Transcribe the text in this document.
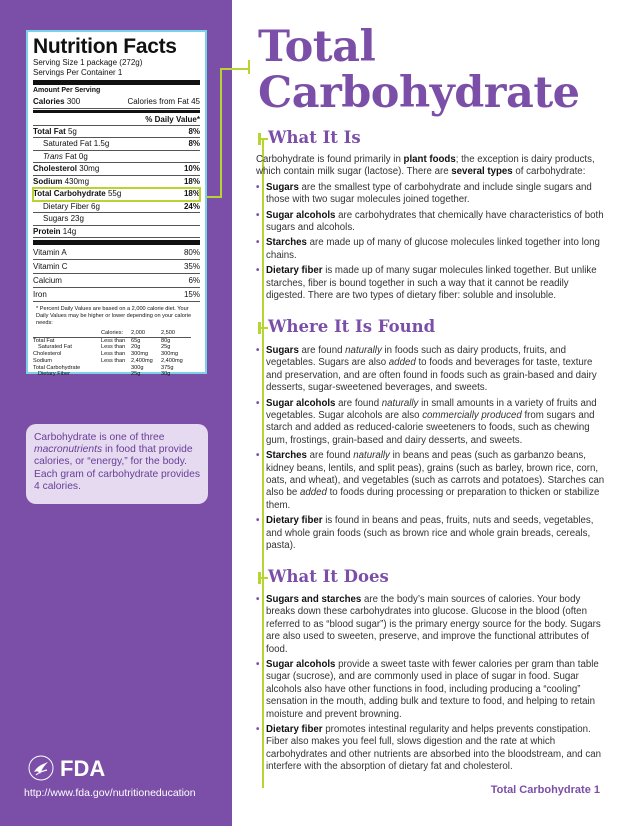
Nutrition Facts
Serving Size 1 package (272g)
Servings Per Container 1
Amount Per Serving
Calories 300	Calories from Fat 45
% Daily Value*
Total Fat 5g	8%
Saturated Fat 1.5g	8%
Trans Fat 0g
Cholesterol 30mg	10%
Sodium 430mg	18%
Total Carbohydrate 55g	18%
Dietary Fiber 6g	24%
Sugars 23g
Protein 14g
Vitamin A	80%
Vitamin C	35%
Calcium	6%
Iron	15%
* Percent Daily Values are based on a 2,000 calorie diet. Your Daily Values may be higher or lower depending on your calorie needs:
Calories:	2,000	2,500
Total Fat	Less than	65g	80g
Saturated Fat	Less than	20g	25g
Cholesterol	Less than	300mg	300mg
Sodium	Less than	2,400mg	2,400mg
Total Carbohydrate	300g	375g
Dietary Fiber	25g	30g
Carbohydrate is one of three macronutrients in food that provide calories, or “energy,” for the body. Each gram of carbohydrate provides 4 calories.
FDA
http://www.fda.gov/nutritioneducation
Total
Carbohydrate
What It Is

Carbohydrate is found primarily in plant foods; the exception is dairy products, which contain milk sugar (lactose). There are several types of carbohydrate:

• Sugars are the smallest type of carbohydrate and include single sugars and those with two sugar molecules joined together.
• Sugar alcohols are carbohydrates that chemically have characteristics of both sugars and alcohols.
• Starches are made up of many of glucose molecules linked together into long chains.
• Dietary fiber is made up of many sugar molecules linked together. But unlike starches, fiber is bound together in such a way that it cannot be readily digested. There are two types of dietary fiber: soluble and insoluble.
Where It Is Found
• Sugars are found naturally in foods such as dairy products, fruits, and vegetables. Sugars are also added to foods and beverages for taste, texture and preservation, and are often found in foods such as grain-based and dairy desserts, sugar-sweetened beverages, and sweets.
• Sugar alcohols are found naturally in small amounts in a variety of fruits and vegetables. Sugar alcohols are also commercially produced from sugars and starch and added as reduced-calorie sweeteners to foods, such as chewing gum, frostings, grain-based and dairy desserts, and sweets.
• Starches are found naturally in beans and peas (such as garbanzo beans, kidney beans, lentils, and split peas), grains (such as barley, brown rice, corn, oats, and wheat), and vegetables (such as carrots and potatoes). Starches can also be added to foods during processing or preparation to thicken or stabilize them.
• Dietary fiber is found in beans and peas, fruits, nuts and seeds, vegetables, and whole grain foods (such as brown rice and whole grain breads, cereals, pasta).
What It Does
• Sugars and starches are the body’s main sources of calories. Your body breaks down these carbohydrates into glucose. Glucose in the blood (often referred to as “blood sugar”) is the primary energy source for the body. Sugars are also used to sweeten, preserve, and improve the functional attributes of food.
• Sugar alcohols provide a sweet taste with fewer calories per gram than table sugar (sucrose), and are commonly used in place of sugar in food. Sugar alcohols also have other functions in food, including producing a “cooling” sensation in the mouth, adding bulk and texture to food, and helping to retain moisture and prevent browning.
• Dietary fiber promotes intestinal regularity and helps prevents constipation. Fiber also makes you feel full, slows digestion and the rate at which carbohydrates and other nutrients are absorbed into the bloodstream, and can interfere with the absorption of dietary fat and cholesterol.
Total Carbohydrate 1
